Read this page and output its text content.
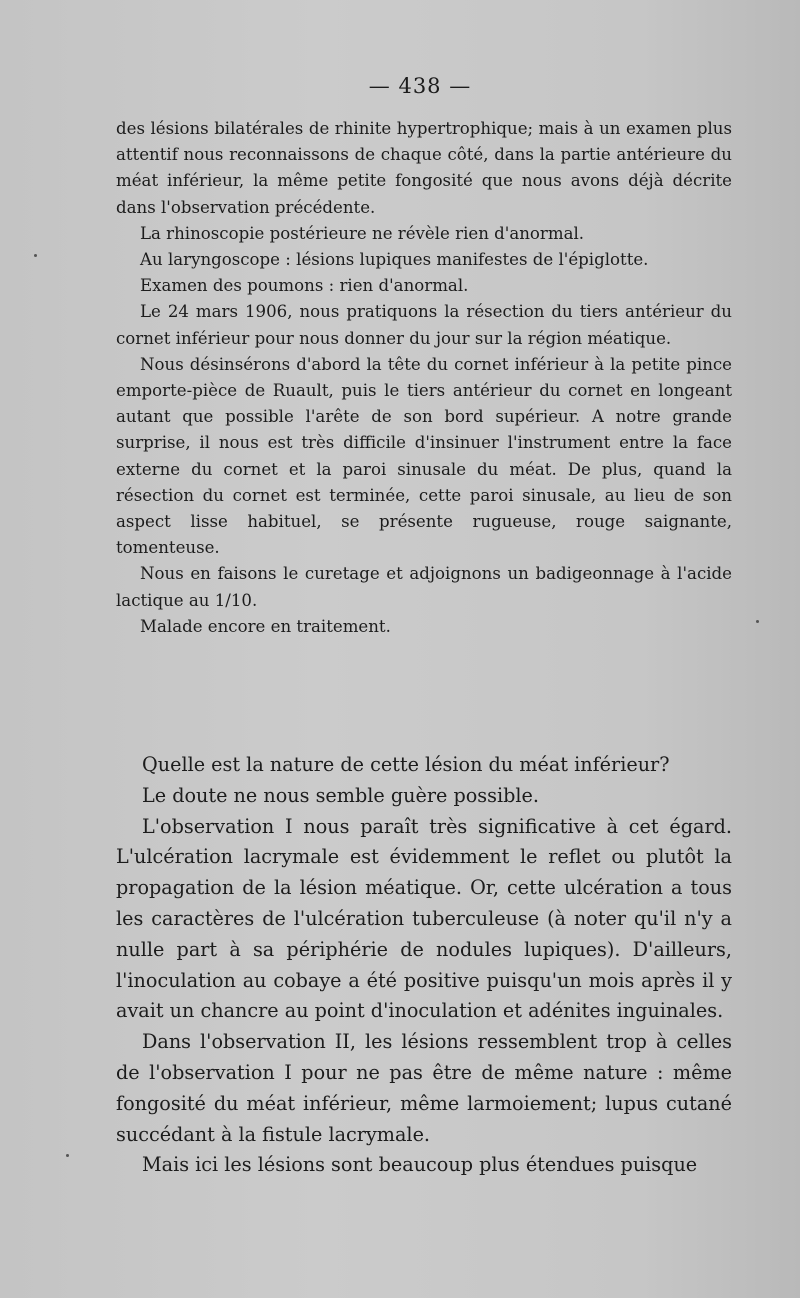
— 438 —

des lésions bilatérales de rhinite hypertrophique; mais à un examen plus attentif nous reconnaissons de chaque côté, dans la partie antérieure du méat inférieur, la même petite fongosité que nous avons déjà décrite dans l'observation précédente.

La rhinoscopie postérieure ne révèle rien d'anormal.

Au laryngoscope : lésions lupiques manifestes de l'épiglotte.

Examen des poumons : rien d'anormal.

Le 24 mars 1906, nous pratiquons la résection du tiers antérieur du cornet inférieur pour nous donner du jour sur la région méatique.

Nous désinsérons d'abord la tête du cornet inférieur à la petite pince emporte-pièce de Ruault, puis le tiers antérieur du cornet en longeant autant que possible l'arête de son bord supérieur. A notre grande surprise, il nous est très difficile d'insinuer l'instrument entre la face externe du cornet et la paroi sinusale du méat. De plus, quand la résection du cornet est terminée, cette paroi sinusale, au lieu de son aspect lisse habituel, se présente rugueuse, rouge saignante, tomenteuse.

Nous en faisons le curetage et adjoignons un badigeonnage à l'acide lactique au 1/10.

Malade encore en traitement.

Quelle est la nature de cette lésion du méat inférieur?

Le doute ne nous semble guère possible.

L'observation I nous paraît très significative à cet égard. L'ulcération lacrymale est évidemment le reflet ou plutôt la propagation de la lésion méatique. Or, cette ulcération a tous les caractères de l'ulcération tuberculeuse (à noter qu'il n'y a nulle part à sa périphérie de nodules lupiques). D'ailleurs, l'inoculation au cobaye a été positive puisqu'un mois après il y avait un chancre au point d'inoculation et adénites inguinales.

Dans l'observation II, les lésions ressemblent trop à celles de l'observation I pour ne pas être de même nature : même fongosité du méat inférieur, même larmoiement; lupus cutané succédant à la fistule lacrymale.

Mais ici les lésions sont beaucoup plus étendues puisque
